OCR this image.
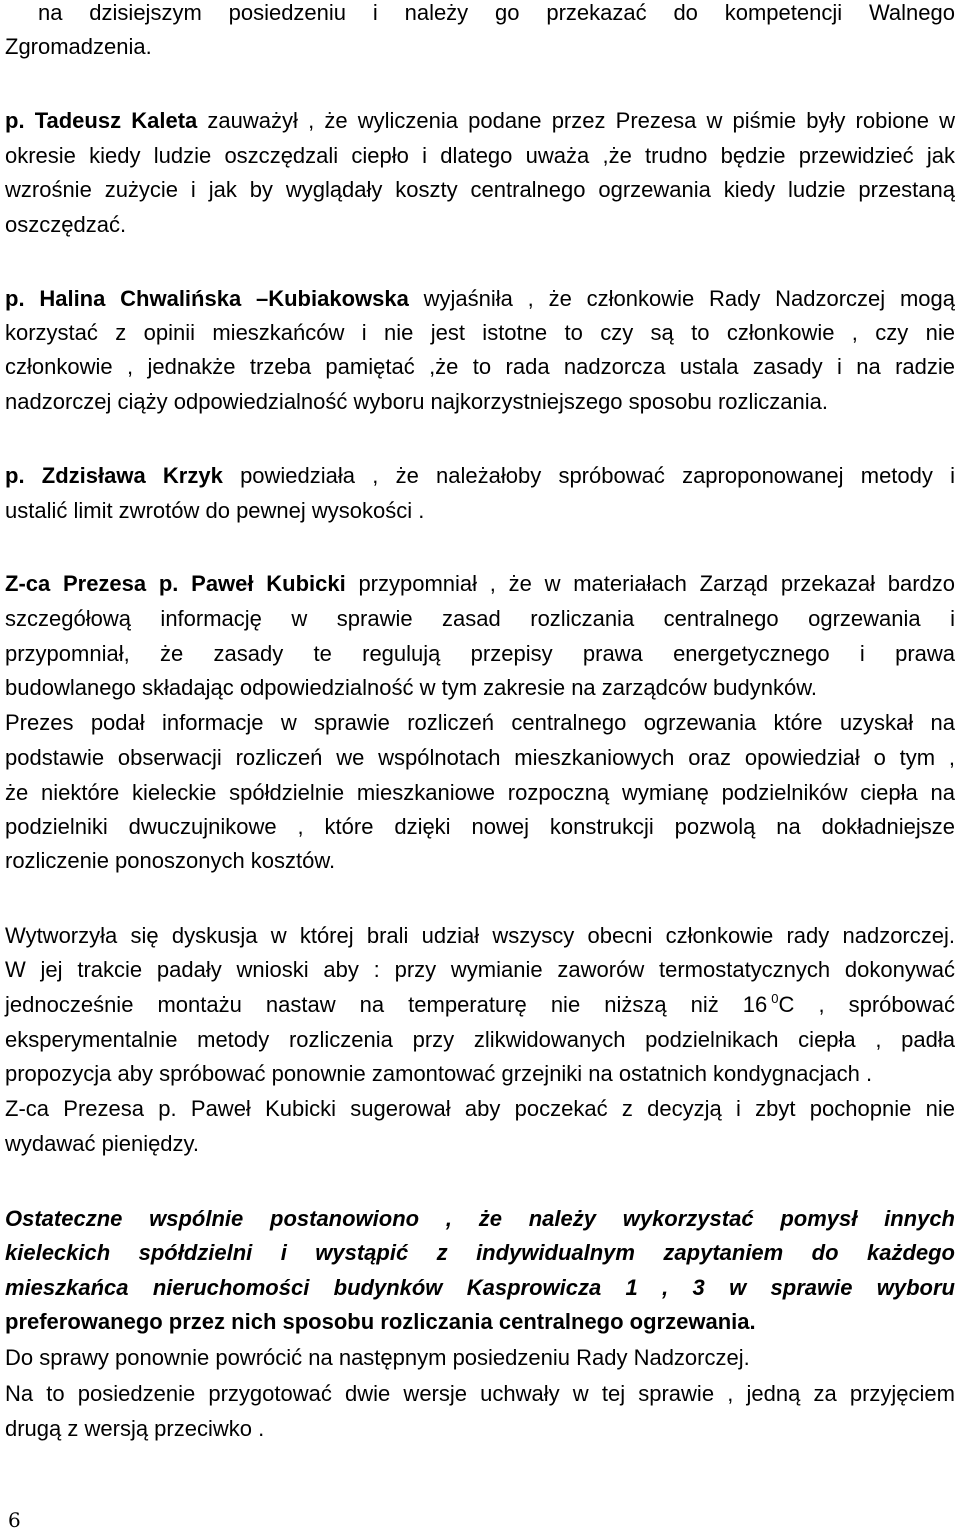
na dzisiejszym posiedzeniu i należy go przekazać do kompetencji Walnego
Zgromadzenia.
p. Tadeusz Kaleta zauważył , że wyliczenia podane przez Prezesa w piśmie były robione w
okresie kiedy ludzie oszczędzali ciepło i dlatego uważa ,że trudno będzie przewidzieć jak
wzrośnie zużycie i jak by wyglądały koszty centralnego ogrzewania kiedy ludzie przestaną
oszczędzać.
p. Halina Chwalińska –Kubiakowska wyjaśniła , że członkowie Rady Nadzorczej mogą
korzystać z opinii mieszkańców i nie jest istotne to czy są to członkowie , czy nie
członkowie , jednakże trzeba pamiętać ,że to rada nadzorcza ustala zasady i na radzie
nadzorczej ciąży odpowiedzialność wyboru najkorzystniejszego sposobu rozliczania.
p. Zdzisława Krzyk powiedziała , że należałoby spróbować zaproponowanej metody i
ustalić limit zwrotów do pewnej wysokości .
Z-ca Prezesa p. Paweł Kubicki przypomniał , że w materiałach Zarząd przekazał bardzo
szczegółową informację w sprawie zasad rozliczania centralnego ogrzewania i
przypomniał, że zasady te regulują przepisy prawa energetycznego i prawa
budowlanego składając odpowiedzialność w tym zakresie na zarządców budynków.
Prezes podał informacje w sprawie rozliczeń centralnego ogrzewania które uzyskał na
podstawie obserwacji rozliczeń we wspólnotach mieszkaniowych oraz opowiedział o tym ,
że niektóre kieleckie spółdzielnie mieszkaniowe rozpoczną wymianę podzielników ciepła na
podzielniki dwuczujnikowe , które dzięki nowej konstrukcji pozwolą na dokładniejsze
rozliczenie ponoszonych kosztów.
Wytworzyła się dyskusja w której brali udział wszyscy obecni członkowie rady nadzorczej.
W jej trakcie padały wnioski aby : przy wymianie zaworów termostatycznych dokonywać
jednocześnie montażu nastaw na temperaturę nie niższą niż 16 $^0$C , spróbować
eksperymentalnie metody rozliczenia przy zlikwidowanych podzielnikach ciepła , padła
propozycja aby spróbować ponownie zamontować grzejniki na ostatnich kondygnacjach .
Z-ca Prezesa p. Paweł Kubicki sugerował aby poczekać z decyzją i zbyt pochopnie nie
wydawać pieniędzy.
Ostateczne wspólnie postanowiono , że należy wykorzystać pomysł innych
kieleckich spółdzielni i wystąpić z indywidualnym zapytaniem do każdego
mieszkańca nieruchomości budynków Kasprowicza 1 , 3 w sprawie wyboru
preferowanego przez nich sposobu rozliczania centralnego ogrzewania.
Do sprawy ponownie powrócić na następnym posiedzeniu Rady Nadzorczej.
Na to posiedzenie przygotować dwie wersje uchwały w tej sprawie , jedną za przyjęciem
drugą z wersją przeciwko .
6
